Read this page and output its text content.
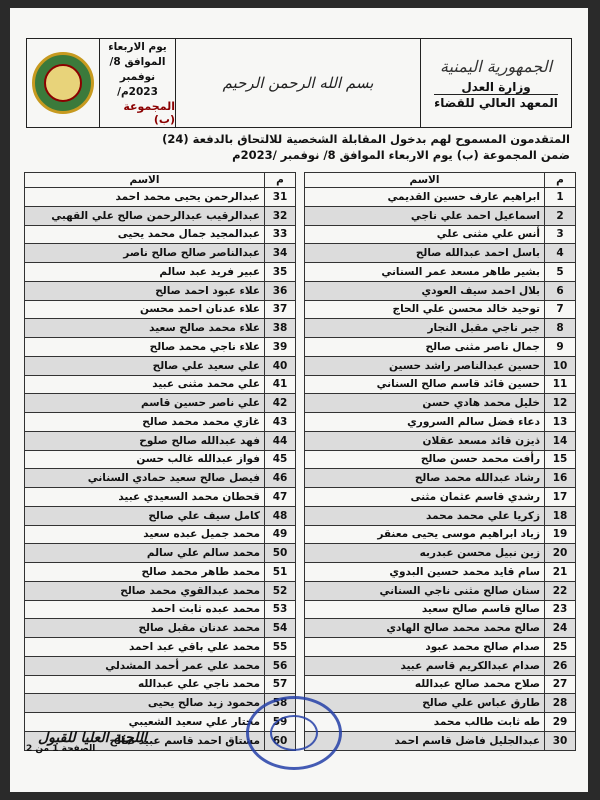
الجمهورية اليمنية
وزارة العدل
المعهد العالي للقضاء
بسم الله الرحمن الرحيم
يوم الاربعاء
الموافق 8/ نوفمبر
2023م/
المجموعة (ب)
المتقدمون المسموح لهم بدخول المقابلة الشخصية للالتحاق بالدفعة (24)
ضمن المجموعة (ب) يوم الاربعاء الموافق 8/ نوفمبر /2023م
م	الاسم
1	ابراهيم عارف حسين القديمي
2	اسماعيل احمد علي ناجي
3	أنس علي مثنى علي
4	باسل احمد عبدالله صالح
5	بشير طاهر مسعد عمر السناني
6	بلال احمد سيف العودي
7	توحيد خالد محسن علي الحاج
8	جبر ناجي مقبل النجار
9	جمال ناصر مثنى صالح
10	حسين عبدالناصر راشد حسين
11	حسين قائد قاسم صالح السناني
12	خليل محمد هادي حسن
13	دعاء فضل سالم السروري
14	ذيزن قائد مسعد عقلان
15	رأفت محمد حسن صالح
16	رشاد عبدالله محمد صالح
17	رشدي قاسم عثمان مثنى
18	زكريا علي محمد محمد
19	زياد ابراهيم موسى يحيى معنقر
20	زين نبيل محسن عبدربه
21	سام قايد محمد حسين البدوي
22	سنان صالح مثنى ناجي السناني
23	صالح قاسم صالح سعيد
24	صالح محمد محمد صالح الهادي
25	صدام صالح محمد عبود
26	صدام عبدالكريم قاسم عبيد
27	صلاح محمد صالح عبدالله
28	طارق عباس علي صالح
29	طه ثابت طالب محمد
30	عبدالجليل فاضل قاسم احمد
م	الاسم
31	عبدالرحمن يحيى محمد احمد
32	عبدالرقيب عبدالرحمن صالح علي القهبي
33	عبدالمجيد جمال محمد يحيى
34	عبدالناصر صالح صالح ناصر
35	عبير فريد عبد سالم
36	علاء عبود احمد صالح
37	علاء عدنان احمد محسن
38	علاء محمد صالح سعيد
39	علاء ناجي محمد صالح
40	علي سعيد علي صالح
41	علي محمد مثنى عبيد
42	علي ناصر حسين قاسم
43	غازي محمد محمد صالح
44	فهد عبدالله صالح صلوح
45	فواز عبدالله غالب حسن
46	فيصل صالح سعيد حمادي السناني
47	قحطان محمد السعيدي عبيد
48	كامل سيف علي صالح
49	محمد جميل عبده سعيد
50	محمد سالم علي سالم
51	محمد طاهر محمد صالح
52	محمد عبدالقوي محمد صالح
53	محمد عبده ثابت احمد
54	محمد عدنان مقبل صالح
55	محمد علي باقي عبد احمد
56	محمد علي عمر أحمد المشدلي
57	محمد ناجي علي عبدالله
58	محمود زيد صالح يحيى
59	مختار علي سعيد الشعيبي
60	مشتاق احمد قاسم عبيد صالح
اللجنة العليا للقبول
الصفحة 1 من 2
